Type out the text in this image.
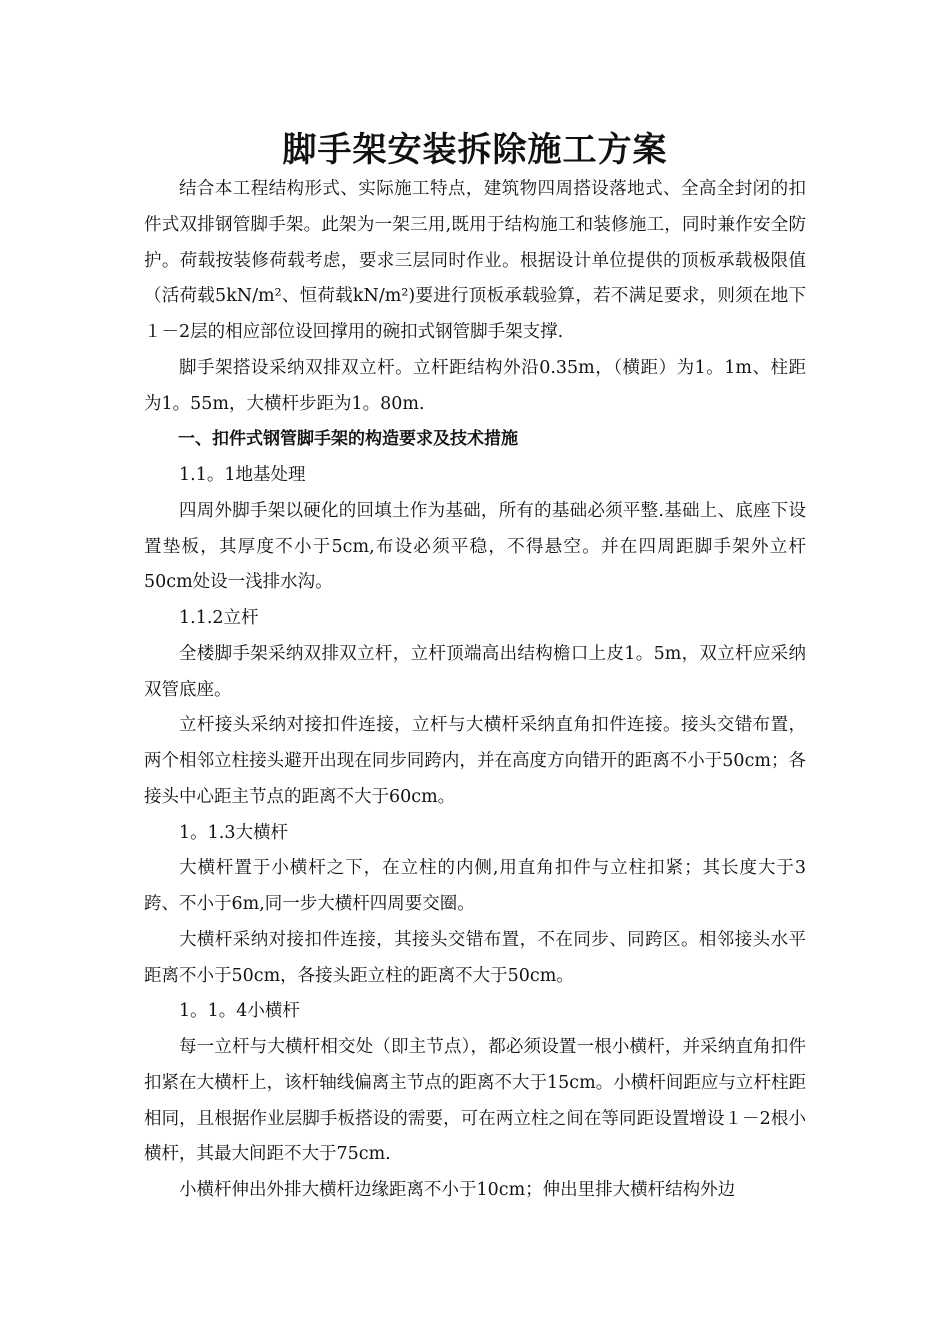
脚手架安装拆除施工方案

结合本工程结构形式、实际施工特点，建筑物四周搭设落地式、全高全封闭的扣件式双排钢管脚手架。此架为一架三用,既用于结构施工和装修施工，同时兼作安全防护。荷载按装修荷载考虑，要求三层同时作业。根据设计单位提供的顶板承载极限值（活荷载5kN/m²、恒荷载kN/m²)要进行顶板承载验算，若不满足要求，则须在地下１－2层的相应部位设回撑用的碗扣式钢管脚手架支撑.

脚手架搭设采纳双排双立杆。立杆距结构外沿0.35m，（横距）为1。1m、柱距为1。55m，大横杆步距为1。80m.

一、扣件式钢管脚手架的构造要求及技术措施

1.1。1地基处理

四周外脚手架以硬化的回填土作为基础，所有的基础必须平整.基础上、底座下设置垫板，其厚度不小于5cm,布设必须平稳，不得悬空。并在四周距脚手架外立杆50cm处设一浅排水沟。

1.1.2立杆

全楼脚手架采纳双排双立杆，立杆顶端高出结构檐口上皮1。5m，双立杆应采纳双管底座。

立杆接头采纳对接扣件连接，立杆与大横杆采纳直角扣件连接。接头交错布置，两个相邻立柱接头避开出现在同步同跨内，并在高度方向错开的距离不小于50cm；各接头中心距主节点的距离不大于60cm。

1。1.3大横杆

大横杆置于小横杆之下，在立柱的内侧,用直角扣件与立柱扣紧；其长度大于3跨、不小于6m,同一步大横杆四周要交圈。

大横杆采纳对接扣件连接，其接头交错布置，不在同步、同跨区。相邻接头水平距离不小于50cm，各接头距立柱的距离不大于50cm。

1。1。4小横杆

每一立杆与大横杆相交处（即主节点），都必须设置一根小横杆，并采纳直角扣件扣紧在大横杆上，该杆轴线偏离主节点的距离不大于15cm。小横杆间距应与立杆柱距相同，且根据作业层脚手板搭设的需要，可在两立柱之间在等同距设置增设１－2根小横杆，其最大间距不大于75cm.

小横杆伸出外排大横杆边缘距离不小于10cm；伸出里排大横杆结构外边
